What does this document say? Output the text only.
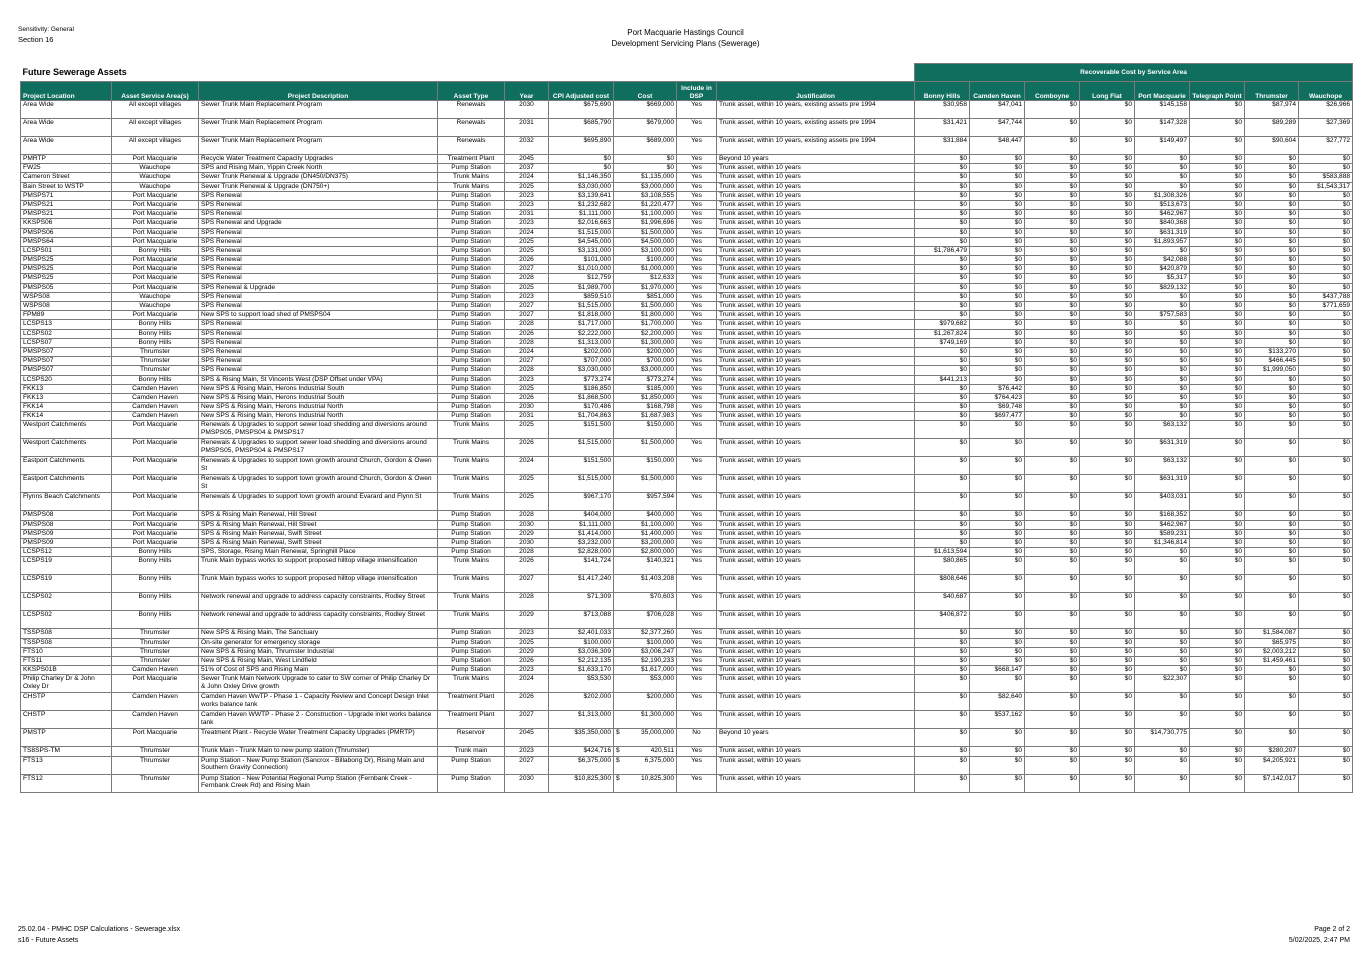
Sensitivity: General
Section 16
Port Macquarie Hastings Council
Development Servicing Plans (Sewerage)
Future Sewerage Assets									Recoverable Cost by Service Area							
Project Location	Asset Service Area(s)	Project Description	Asset Type	Year	CPI Adjusted cost	Cost	Include in DSP	Justification	Bonny Hills	Camden Haven	Comboyne	Long Flat	Port Macquarie	Telegraph Point	Thrumster	Wauchope
Area Wide	All except villages	Sewer Trunk Main Replacement Program	Renewals	2030	$675,690	$669,000	Yes	Trunk asset, within 10 years, existing assets pre 1994	$30,958	$47,041	$0	$0	$145,158	$0	$87,974	$26,966
Area Wide	All except villages	Sewer Trunk Main Replacement Program	Renewals	2031	$685,790	$679,000	Yes	Trunk asset, within 10 years, existing assets pre 1994	$31,421	$47,744	$0	$0	$147,328	$0	$89,289	$27,369
Area Wide	All except villages	Sewer Trunk Main Replacement Program	Renewals	2032	$695,890	$689,000	Yes	Trunk asset, within 10 years, existing assets pre 1994	$31,884	$48,447	$0	$0	$149,497	$0	$90,604	$27,772
PMRTP	Port Macquarie	Recycle Water Treatment Capacity Upgrades	Treatment Plant	2045	$0	$0	Yes	Beyond 10 years	$0	$0	$0	$0	$0	$0	$0	$0
FW25	Wauchope	SPS and Rising Main, Yippin Creek North	Pump Station	2037	$0	$0	Yes	Trunk asset, within 10 years	$0	$0	$0	$0	$0	$0	$0	$0
Cameron Street	Wauchope	Sewer Trunk Renewal & Upgrade (DN450/DN375)	Trunk Mains	2024	$1,146,350	$1,135,000	Yes	Trunk asset, within 10 years	$0	$0	$0	$0	$0	$0	$0	$583,888
Bain Street to WSTP	Wauchope	Sewer Trunk Renewal & Upgrade (DN750+)	Trunk Mains	2025	$3,030,000	$3,000,000	Yes	Trunk asset, within 10 years	$0	$0	$0	$0	$0	$0	$0	$1,543,317
PMSPS71	Port Macquarie	SPS Renewal	Pump Station	2023	$3,139,641	$3,108,555	Yes	Trunk asset, within 10 years	$0	$0	$0	$0	$1,308,326	$0	$0	$0
PMSPS21	Port Macquarie	SPS Renewal	Pump Station	2023	$1,232,682	$1,220,477	Yes	Trunk asset, within 10 years	$0	$0	$0	$0	$513,673	$0	$0	$0
PMSPS21	Port Macquarie	SPS Renewal	Pump Station	2031	$1,111,000	$1,100,000	Yes	Trunk asset, within 10 years	$0	$0	$0	$0	$462,967	$0	$0	$0
KKSPS06	Port Macquarie	SPS Renewal and Upgrade	Pump Station	2023	$2,016,663	$1,996,696	Yes	Trunk asset, within 10 years	$0	$0	$0	$0	$840,368	$0	$0	$0
PMSPS06	Port Macquarie	SPS Renewal	Pump Station	2024	$1,515,000	$1,500,000	Yes	Trunk asset, within 10 years	$0	$0	$0	$0	$631,319	$0	$0	$0
PMSPS64	Port Macquarie	SPS Renewal	Pump Station	2025	$4,545,000	$4,500,000	Yes	Trunk asset, within 10 years	$0	$0	$0	$0	$1,893,957	$0	$0	$0
LCSPS01	Bonny Hills	SPS Renewal	Pump Station	2025	$3,131,000	$3,100,000	Yes	Trunk asset, within 10 years	$1,786,479	$0	$0	$0	$0	$0	$0	$0
PMSPS25	Port Macquarie	SPS Renewal	Pump Station	2026	$101,000	$100,000	Yes	Trunk asset, within 10 years	$0	$0	$0	$0	$42,088	$0	$0	$0
PMSPS25	Port Macquarie	SPS Renewal	Pump Station	2027	$1,010,000	$1,000,000	Yes	Trunk asset, within 10 years	$0	$0	$0	$0	$420,879	$0	$0	$0
PMSPS25	Port Macquarie	SPS Renewal	Pump Station	2028	$12,759	$12,633	Yes	Trunk asset, within 10 years	$0	$0	$0	$0	$5,317	$0	$0	$0
PMSPS05	Port Macquarie	SPS Renewal & Upgrade	Pump Station	2025	$1,989,700	$1,970,000	Yes	Trunk asset, within 10 years	$0	$0	$0	$0	$829,132	$0	$0	$0
WSPS08	Wauchope	SPS Renewal	Pump Station	2023	$859,510	$851,000	Yes	Trunk asset, within 10 years	$0	$0	$0	$0	$0	$0	$0	$437,788
WSPS08	Wauchope	SPS Renewal	Pump Station	2027	$1,515,000	$1,500,000	Yes	Trunk asset, within 10 years	$0	$0	$0	$0	$0	$0	$0	$771,659
FPM89	Port Macquarie	New SPS to support load shed of PMSPS04	Pump Station	2027	$1,818,000	$1,800,000	Yes	Trunk asset, within 10 years	$0	$0	$0	$0	$757,583	$0	$0	$0
LCSPS13	Bonny Hills	SPS Renewal	Pump Station	2028	$1,717,000	$1,700,000	Yes	Trunk asset, within 10 years	$979,682	$0	$0	$0	$0	$0	$0	$0
LCSPS02	Bonny Hills	SPS Renewal	Pump Station	2026	$2,222,000	$2,200,000	Yes	Trunk asset, within 10 years	$1,267,824	$0	$0	$0	$0	$0	$0	$0
LCSPS07	Bonny Hills	SPS Renewal	Pump Station	2028	$1,313,000	$1,300,000	Yes	Trunk asset, within 10 years	$749,169	$0	$0	$0	$0	$0	$0	$0
PMSPS07	Thrumster	SPS Renewal	Pump Station	2024	$202,000	$200,000	Yes	Trunk asset, within 10 years	$0	$0	$0	$0	$0	$0	$133,270	$0
PMSPS07	Thrumster	SPS Renewal	Pump Station	2027	$707,000	$700,000	Yes	Trunk asset, within 10 years	$0	$0	$0	$0	$0	$0	$466,445	$0
PMSPS07	Thrumster	SPS Renewal	Pump Station	2028	$3,030,000	$3,000,000	Yes	Trunk asset, within 10 years	$0	$0	$0	$0	$0	$0	$1,999,050	$0
LCSPS20	Bonny Hills	SPS & Rising Main, St Vincents West (DSP Offset under VPA)	Pump Station	2023	$773,274	$773,274	Yes	Trunk asset, within 10 years	$441,213	$0	$0	$0	$0	$0	$0	$0
FKK13	Camden Haven	New SPS & Rising Main, Herons Industrial South	Pump Station	2025	$186,850	$185,000	Yes	Trunk asset, within 10 years	$0	$76,442	$0	$0	$0	$0	$0	$0
FKK13	Camden Haven	New SPS & Rising Main, Herons Industrial South	Pump Station	2026	$1,868,500	$1,850,000	Yes	Trunk asset, within 10 years	$0	$764,423	$0	$0	$0	$0	$0	$0
FKK14	Camden Haven	New SPS & Rising Main, Herons Industrial North	Pump Station	2030	$170,486	$168,798	Yes	Trunk asset, within 10 years	$0	$69,748	$0	$0	$0	$0	$0	$0
FKK14	Camden Haven	New SPS & Rising Main, Herons Industrial North	Pump Station	2031	$1,704,863	$1,687,983	Yes	Trunk asset, within 10 years	$0	$697,477	$0	$0	$0	$0	$0	$0
Westport Catchments	Port Macquarie	Renewals & Upgrades to support sewer load shedding and diversions around PMSPS05, PMSPS04 & PMSPS17	Trunk Mains	2025	$151,500	$150,000	Yes	Trunk asset, within 10 years	$0	$0	$0	$0	$63,132	$0	$0	$0
Westport Catchments	Port Macquarie	Renewals & Upgrades to support sewer load shedding and diversions around PMSPS05, PMSPS04 & PMSPS17	Trunk Mains	2026	$1,515,000	$1,500,000	Yes	Trunk asset, within 10 years	$0	$0	$0	$0	$631,319	$0	$0	$0
Eastport Catchments	Port Macquarie	Renewals & Upgrades to support town growth around Church, Gordon & Owen St	Trunk Mains	2024	$151,500	$150,000	Yes	Trunk asset, within 10 years	$0	$0	$0	$0	$63,132	$0	$0	$0
Eastport Catchments	Port Macquarie	Renewals & Upgrades to support town growth around Church, Gordon & Owen St	Trunk Mains	2025	$1,515,000	$1,500,000	Yes	Trunk asset, within 10 years	$0	$0	$0	$0	$631,319	$0	$0	$0
Flynns Beach Catchments	Port Macquarie	Renewals & Upgrades to support town growth around Evarard and Flynn St	Trunk Mains	2025	$967,170	$957,594	Yes	Trunk asset, within 10 years	$0	$0	$0	$0	$403,031	$0	$0	$0
PMSPS08	Port Macquarie	SPS & Rising Main Renewal, Hill Street	Pump Station	2028	$404,000	$400,000	Yes	Trunk asset, within 10 years	$0	$0	$0	$0	$168,352	$0	$0	$0
PMSPS08	Port Macquarie	SPS & Rising Main Renewal, Hill Street	Pump Station	2030	$1,111,000	$1,100,000	Yes	Trunk asset, within 10 years	$0	$0	$0	$0	$462,967	$0	$0	$0
PMSPS09	Port Macquarie	SPS & Rising Main Renewal, Swift Street	Pump Station	2029	$1,414,000	$1,400,000	Yes	Trunk asset, within 10 years	$0	$0	$0	$0	$589,231	$0	$0	$0
PMSPS09	Port Macquarie	SPS & Rising Main Renewal, Swift Street	Pump Station	2030	$3,232,000	$3,200,000	Yes	Trunk asset, within 10 years	$0	$0	$0	$0	$1,346,814	$0	$0	$0
LCSPS12	Bonny Hills	SPS, Storage, Rising Main Renewal, Springhill Place	Pump Station	2028	$2,828,000	$2,800,000	Yes	Trunk asset, within 10 years	$1,613,594	$0	$0	$0	$0	$0	$0	$0
LCSPS19	Bonny Hills	Trunk Main bypass works to support proposed hilltop village intensification	Trunk Mains	2026	$141,724	$140,321	Yes	Trunk asset, within 10 years	$80,865	$0	$0	$0	$0	$0	$0	$0
LCSPS19	Bonny Hills	Trunk Main bypass works to support proposed hilltop village intensification	Trunk Mains	2027	$1,417,240	$1,403,208	Yes	Trunk asset, within 10 years	$808,646	$0	$0	$0	$0	$0	$0	$0
LCSPS02	Bonny Hills	Network renewal and upgrade to address capacity constraints, Rodley Street	Trunk Mains	2028	$71,309	$70,603	Yes	Trunk asset, within 10 years	$40,687	$0	$0	$0	$0	$0	$0	$0
LCSPS02	Bonny Hills	Network renewal and upgrade to address capacity constraints, Rodley Street	Trunk Mains	2029	$713,088	$706,028	Yes	Trunk asset, within 10 years	$406,872	$0	$0	$0	$0	$0	$0	$0
TSSPS08	Thrumster	New SPS & Rising Main, The Sanctuary	Pump Station	2023	$2,401,033	$2,377,260	Yes	Trunk asset, within 10 years	$0	$0	$0	$0	$0	$0	$1,584,087	$0
TSSPS08	Thrumster	On-site generator for emergency storage	Pump Station	2025	$100,000	$100,000	Yes	Trunk asset, within 10 years	$0	$0	$0	$0	$0	$0	$65,975	$0
FTS10	Thrumster	New SPS & Rising Main, Thrumster Industrial	Pump Station	2029	$3,036,309	$3,006,247	Yes	Trunk asset, within 10 years	$0	$0	$0	$0	$0	$0	$2,003,212	$0
FTS11	Thrumster	New SPS & Rising Main, West Lindfield	Pump Station	2026	$2,212,135	$2,190,233	Yes	Trunk asset, within 10 years	$0	$0	$0	$0	$0	$0	$1,459,461	$0
KKSPS01B	Camden Haven	51% of Cost of SPS and Rising Main	Pump Station	2023	$1,633,170	$1,617,000	Yes	Trunk asset, within 10 years	$0	$668,147	$0	$0	$0	$0	$0	$0
Philip Charley Dr & John Oxley Dr	Port Macquarie	Sewer Trunk Main Network Upgrade to cater to SW corner of Philip Charley Dr & John Oxley Drive growth	Trunk Mains	2024	$53,530	$53,000	Yes	Trunk asset, within 10 years	$0	$0	$0	$0	$22,307	$0	$0	$0
CHSTP	Camden Haven	Camden Haven WwTP - Phase 1 - Capacity Review and Concept Design Inlet works balance tank	Treatment Plant	2026	$202,000	$200,000	Yes	Trunk asset, within 10 years	$0	$82,640	$0	$0	$0	$0	$0	$0
CHSTP	Camden Haven	Camden Haven WWTP - Phase 2 - Construction - Upgrade inlet works balance tank	Treatment Plant	2027	$1,313,000	$1,300,000	Yes	Trunk asset, within 10 years	$0	$537,162	$0	$0	$0	$0	$0	$0
PMSTP	Port Macquarie	Treatment Plant - Recycle Water Treatment Capacity Upgrades (PMRTP)	Reservoir	2045	$35,350,000	$ 35,000,000	No	Beyond 10 years	$0	$0	$0	$0	$14,730,775	$0	$0	$0
TS8SPS-TM	Thrumster	Trunk Main - Trunk Main to new pump station (Thrumster)	Trunk main	2023	$424,716	$ 420,511	Yes	Trunk asset, within 10 years	$0	$0	$0	$0	$0	$0	$280,207	$0
FTS13	Thrumster	Pump Station - New Pump Station (Sancrox - Billabong Dr), Rising Main and Southern Gravity Connection)	Pump Station	2027	$6,375,000	$ 6,375,000	Yes	Trunk asset, within 10 years	$0	$0	$0	$0	$0	$0	$4,205,921	$0
FTS12	Thrumster	Pump Station - New Potential Regional Pump Station (Fernbank Creek - Fernbank Creek Rd) and Rising Main	Pump Station	2030	$10,825,300	$ 10,825,300	Yes	Trunk asset, within 10 years	$0	$0	$0	$0	$0	$0	$7,142,017	$0
25.02.04 - PMHC DSP Calculations - Sewerage.xlsx
s16 - Future Assets
Page 2 of 2
5/02/2025, 2:47 PM
